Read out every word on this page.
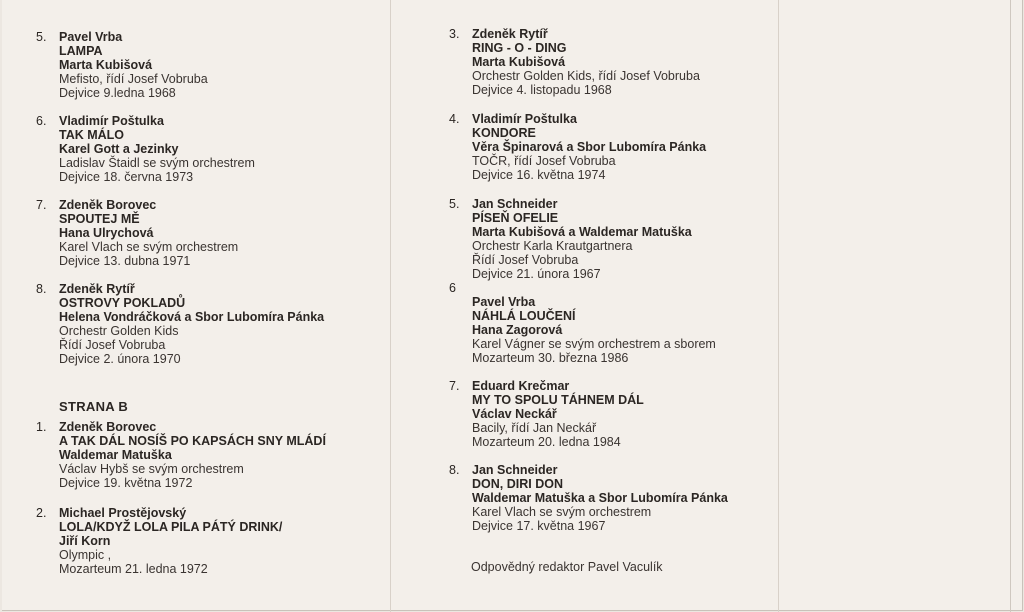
5. Pavel Vrba
LAMPA
Marta Kubišová
Mefisto, řídí Josef Vobruba
Dejvice 9.ledna 1968
6. Vladimír Poštulka
TAK MÁLO
Karel Gott a Jezinky
Ladislav Štaidl se svým orchestrem
Dejvice 18. června 1973
7. Zdeněk Borovec
SPOUTEJ MĚ
Hana Ulrychová
Karel Vlach se svým orchestrem
Dejvice 13. dubna 1971
8. Zdeněk Rytíř
OSTROVY POKLADŮ
Helena Vondráčková a Sbor Lubomíra Pánka
Orchestr Golden Kids
Řídí Josef Vobruba
Dejvice 2. února 1970
1. Zdeněk Borovec
A TAK DÁL NOSÍŠ PO KAPSÁCH SNY MLÁDÍ
Waldemar Matuška
Václav Hybš se svým orchestrem
Dejvice 19. května 1972
2. Michael Prostějovský
LOLA/KDYŽ LOLA PILA PÁTÝ DRINK/
Jiří Korn
Olympic ,
Mozarteum 21. ledna 1972
STRANA B
3. Zdeněk Rytíř
RING - O - DING
Marta Kubišová
Orchestr Golden Kids, řídí Josef Vobruba
Dejvice 4. listopadu 1968
4. Vladimír Poštulka
KONDORE
Věra Špinarová a Sbor Lubomíra Pánka
TOČR, řídí Josef Vobruba
Dejvice 16. května 1974
5. Jan Schneider
PÍSEŇ OFELIE
Marta Kubišová a Waldemar Matuška
Orchestr Karla Krautgartnera
Řídí Josef Vobruba
Dejvice 21. února 1967
Pavel Vrba
NÁHLÁ LOUČENÍ
Hana Zagorová
Karel Vágner se svým orchestrem a sborem
Mozarteum 30. března 1986
7. Eduard Krečmar
MY TO SPOLU TÁHNEM DÁL
Václav Neckář
Bacily, řídí Jan Neckář
Mozarteum 20. ledna 1984
8. Jan Schneider
DON, DIRI DON
Waldemar Matuška a Sbor Lubomíra Pánka
Karel Vlach se svým orchestrem
Dejvice 17. května 1967
6
Odpovědný redaktor Pavel Vaculík
